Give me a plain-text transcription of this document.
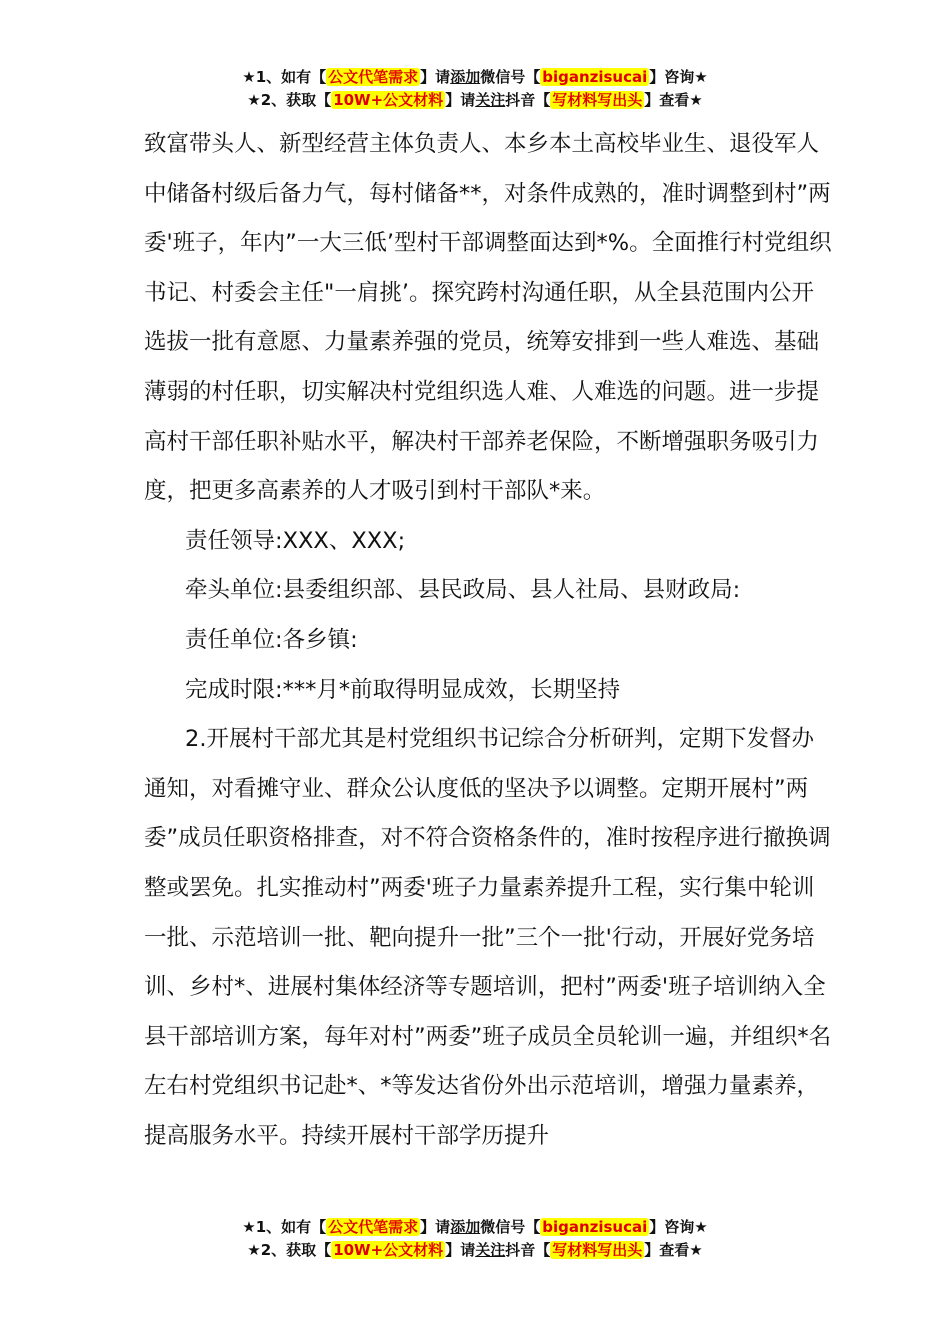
★1、如有【 公文代笔需求 】请添加微信号【 biganzisucai 】咨询★
★2、获取【 10W+公文材料 】请关注抖音【 写材料写出头 】查看★

致富带头人、新型经营主体负责人、本乡本土高校毕业生、退役军人中储备村级后备力气，每村储备**，对条件成熟的，准时调整到村”两委'班子，年内”一大三低’型村干部调整面达到*%。全面推行村党组织书记、村委会主任"一肩挑’。探究跨村沟通任职，从全县范围内公开选拔一批有意愿、力量素养强的党员，统筹安排到一些人难选、基础薄弱的村任职，切实解决村党组织选人难、人难选的问题。进一步提高村干部任职补贴水平，解决村干部养老保险，不断增强职务吸引力度，把更多高素养的人才吸引到村干部队*来。

责任领导:XXX、XXX;

牵头单位:县委组织部、县民政局、县人社局、县财政局:

责任单位:各乡镇:

完成时限:***月*前取得明显成效，长期坚持

2.开展村干部尤其是村党组织书记综合分析研判，定期下发督办通知，对看摊守业、群众公认度低的坚决予以调整。定期开展村”两委”成员任职资格排查，对不符合资格条件的，准时按程序进行撤换调整或罢免。扎实推动村”两委'班子力量素养提升工程，实行集中轮训一批、示范培训一批、靶向提升一批”三个一批'行动，开展好党务培训、乡村*、进展村集体经济等专题培训，把村”两委'班子培训纳入全县干部培训方案，每年对村”两委”班子成员全员轮训一遍，并组织*名左右村党组织书记赴*、*等发达省份外出示范培训，增强力量素养，提高服务水平。持续开展村干部学历提升

★1、如有【 公文代笔需求 】请添加微信号【 biganzisucai 】咨询★
★2、获取【 10W+公文材料 】请关注抖音【 写材料写出头 】查看★
